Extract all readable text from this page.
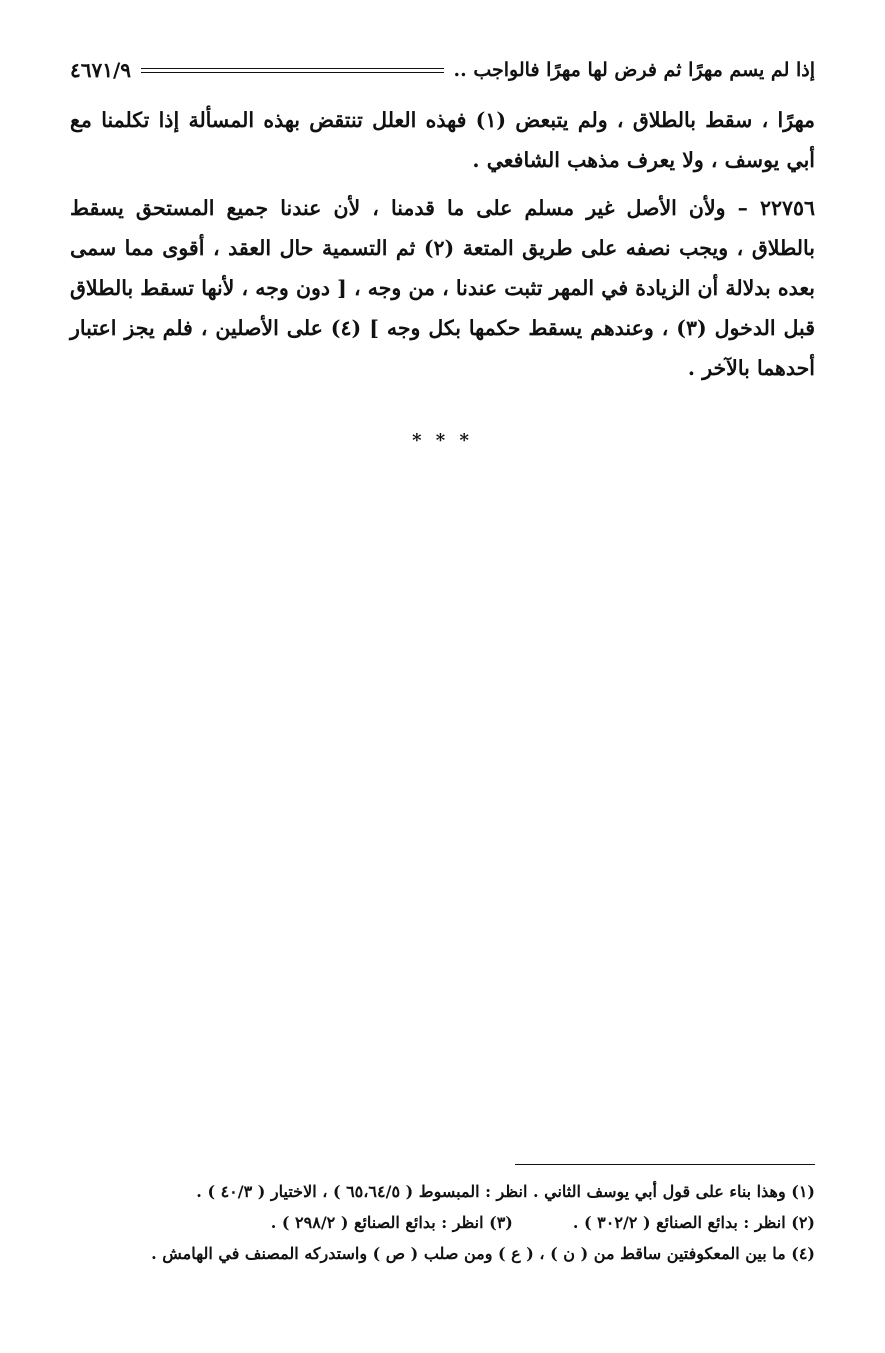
إذا لم يسم مهرًا ثم فرض لها مهرًا فالواجب ..
٤٦٧١/٩

مهرًا ، سقط بالطلاق ، ولم يتبعض (١) فهذه العلل تنتقض بهذه المسألة إذا تكلمنا مع أبي يوسف ، ولا يعرف مذهب الشافعي .

٢٢٧٥٦ – ولأن الأصل غير مسلم على ما قدمنا ، لأن عندنا جميع المستحق يسقط بالطلاق ، ويجب نصفه على طريق المتعة (٢) ثم التسمية حال العقد ، أقوى مما سمى بعده بدلالة أن الزيادة في المهر تثبت عندنا ، من وجه ، [ دون وجه ، لأنها تسقط بالطلاق قبل الدخول (٣) ، وعندهم يسقط حكمها بكل وجه ] (٤) على الأصلين ، فلم يجز اعتبار أحدهما بالآخر .

* * *
(١) وهذا بناء على قول أبي يوسف الثاني . انظر : المبسوط ( ٦٥،٦٤/٥ ) ، الاختيار ( ٤٠/٣ ) .
(٢) انظر : بدائع الصنائع ( ٣٠٢/٢ ) .(٣) انظر : بدائع الصنائع ( ٢٩٨/٢ ) .
(٤) ما بين المعكوفتين ساقط من ( ن ) ، ( ع ) ومن صلب ( ص ) واستدركه المصنف في الهامش .
